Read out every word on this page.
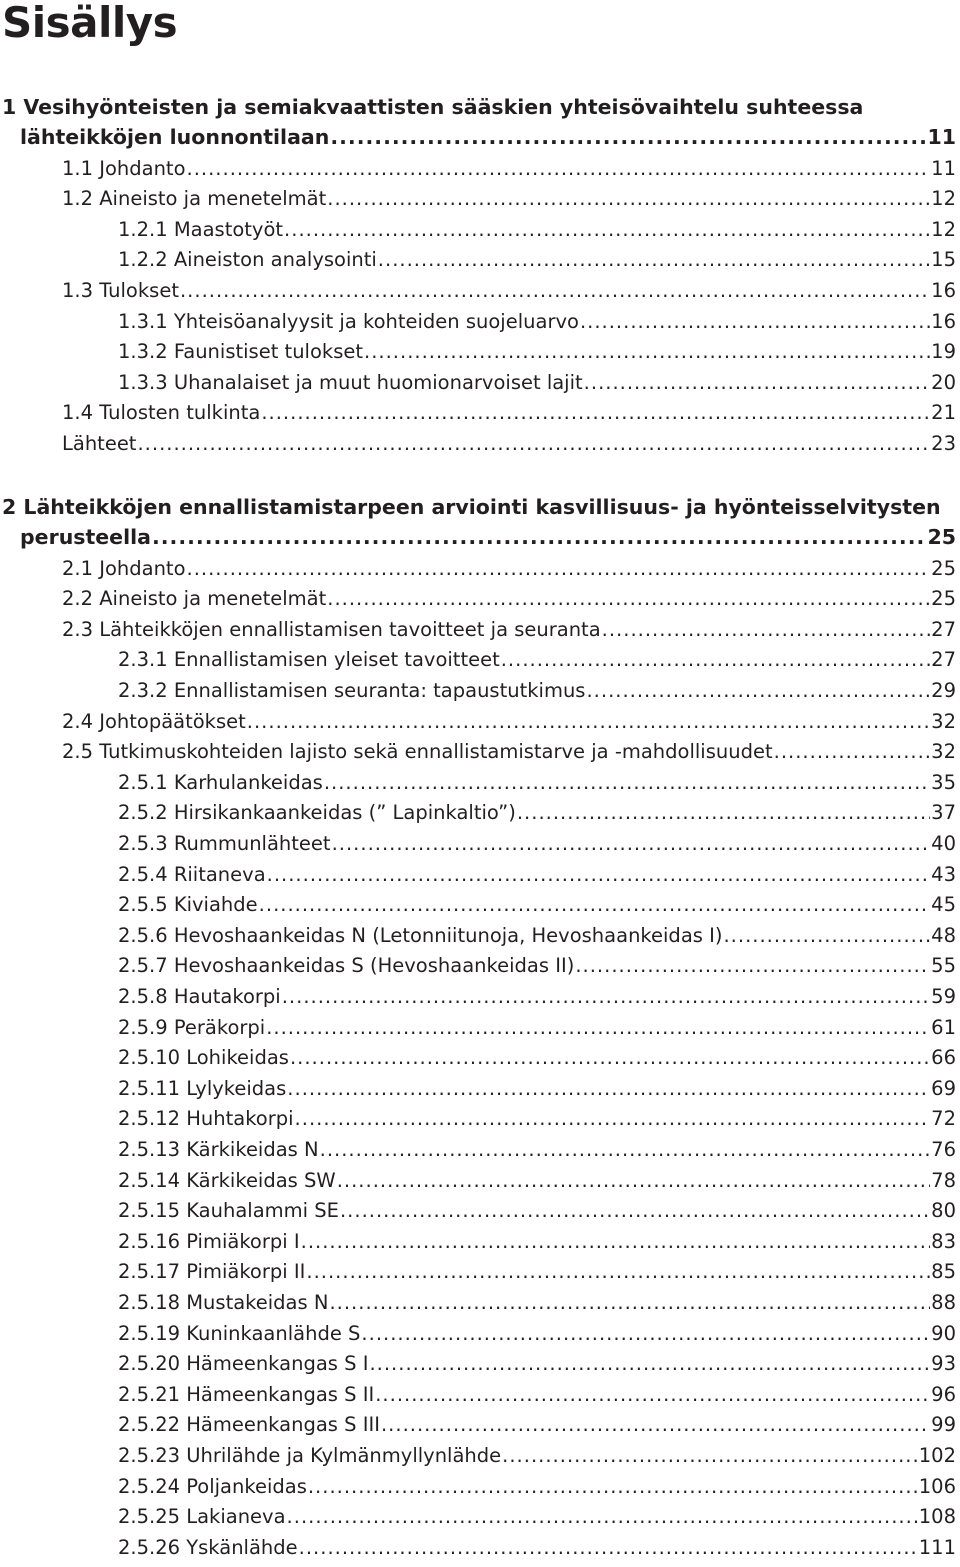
Sisällys
1 Vesihyönteisten ja semiakvaattisten sääskien yhteisövaihtelu suhteessa
lähteikköjen luonnontilaan .....	11
1.1 Johdanto .....	11
1.2 Aineisto ja menetelmät .....	12
1.2.1 Maastotyöt .....	12
1.2.2 Aineiston analysointi .....	15
1.3 Tulokset .....	16
1.3.1 Yhteisöanalyysit ja kohteiden suojeluarvo .....	16
1.3.2 Faunistiset tulokset .....	19
1.3.3 Uhanalaiset ja muut huomionarvoiset lajit .....	20
1.4 Tulosten tulkinta .....	21
Lähteet .....	23
2 Lähteikköjen ennallistamistarpeen arviointi kasvillisuus- ja hyönteisselvitysten
perusteella .....	25
2.1 Johdanto .....	25
2.2 Aineisto ja menetelmät .....	25
2.3 Lähteikköjen ennallistamisen tavoitteet ja seuranta .....	27
2.3.1 Ennallistamisen yleiset tavoitteet .....	27
2.3.2 Ennallistamisen seuranta: tapaustutkimus .....	29
2.4 Johtopäätökset .....	32
2.5 Tutkimuskohteiden lajisto sekä ennallistamistarve ja -mahdollisuudet .....	32
2.5.1 Karhulankeidas .....	35
2.5.2 Hirsikankaankeidas (” Lapinkaltio”) .....	37
2.5.3 Rummunlähteet .....	40
2.5.4 Riitaneva .....	43
2.5.5 Kiviahde .....	45
2.5.6 Hevoshaankeidas N (Letonniitunoja, Hevoshaankeidas I) .....	48
2.5.7 Hevoshaankeidas S (Hevoshaankeidas II) .....	55
2.5.8 Hautakorpi .....	59
2.5.9 Peräkorpi .....	61
2.5.10 Lohikeidas .....	66
2.5.11 Lylykeidas .....	69
2.5.12 Huhtakorpi .....	72
2.5.13 Kärkikeidas N .....	76
2.5.14 Kärkikeidas SW .....	78
2.5.15 Kauhalammi SE .....	80
2.5.16 Pimiäkorpi I .....	83
2.5.17 Pimiäkorpi II .....	85
2.5.18 Mustakeidas N .....	88
2.5.19 Kuninkaanlähde S .....	90
2.5.20 Hämeenkangas S I .....	93
2.5.21 Hämeenkangas S II .....	96
2.5.22 Hämeenkangas S III .....	99
2.5.23 Uhrilähde ja Kylmänmyllynlähde .....	102
2.5.24 Poljankeidas .....	106
2.5.25 Lakianeva .....	108
2.5.26 Yskänlähde .....	111
